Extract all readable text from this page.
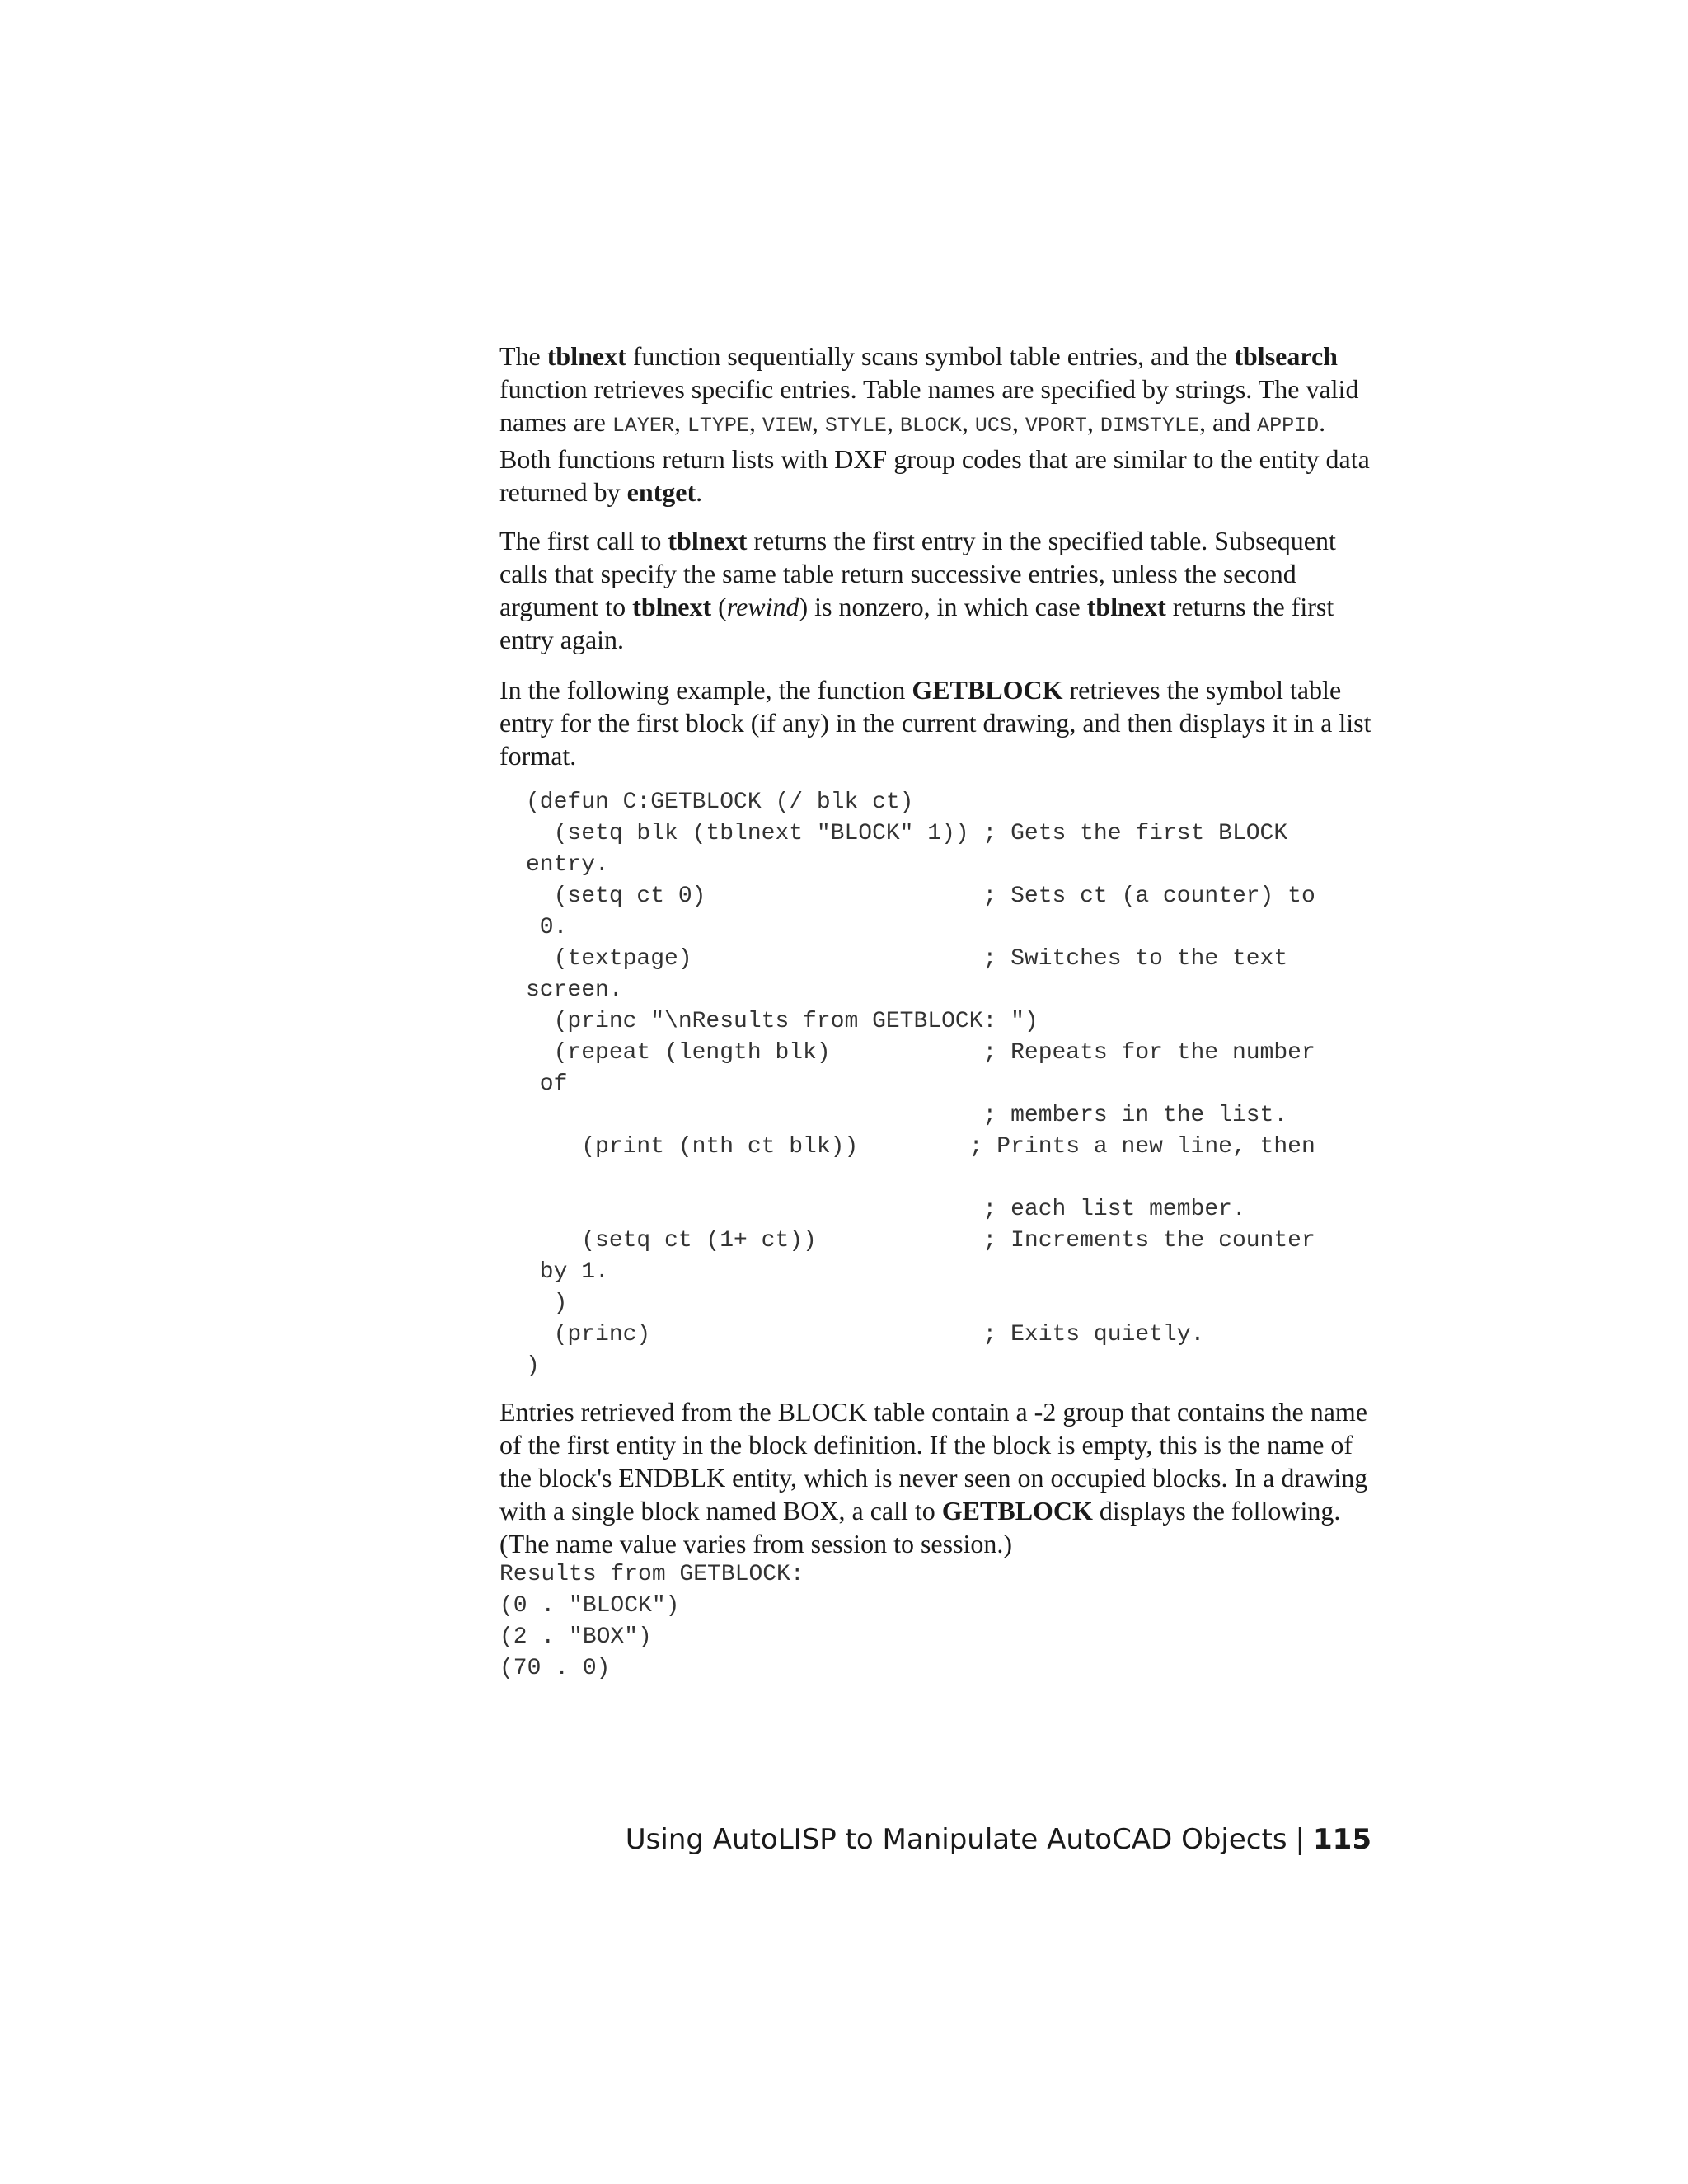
The tblnext function sequentially scans symbol table entries, and the tblsearch function retrieves specific entries. Table names are specified by strings. The valid names are LAYER, LTYPE, VIEW, STYLE, BLOCK, UCS, VPORT, DIMSTYLE, and APPID. Both functions return lists with DXF group codes that are similar to the entity data returned by entget.

The first call to tblnext returns the first entry in the specified table. Subsequent calls that specify the same table return successive entries, unless the second argument to tblnext (rewind) is nonzero, in which case tblnext returns the first entry again.

In the following example, the function GETBLOCK retrieves the symbol table entry for the first block (if any) in the current drawing, and then displays it in a list format.

(defun C:GETBLOCK (/ blk ct)
(setq blk (tblnext "BLOCK" 1)) ; Gets the first BLOCK
entry.
(setq ct 0)                    ; Sets ct (a counter) to
0.
(textpage)                     ; Switches to the text
screen.
(princ "\nResults from GETBLOCK: ")
(repeat (length blk)           ; Repeats for the number
of
; members in the list.
(print (nth ct blk))        ; Prints a new line, then

; each list member.
(setq ct (1+ ct))            ; Increments the counter
by 1.
)
(princ)                        ; Exits quietly.
)

Entries retrieved from the BLOCK table contain a -2 group that contains the name of the first entity in the block definition. If the block is empty, this is the name of the block's ENDBLK entity, which is never seen on occupied blocks. In a drawing with a single block named BOX, a call to GETBLOCK displays the following. (The name value varies from session to session.)

Results from GETBLOCK:
(0 . "BLOCK")
(2 . "BOX")
(70 . 0)
Using AutoLISP to Manipulate AutoCAD Objects | 115
